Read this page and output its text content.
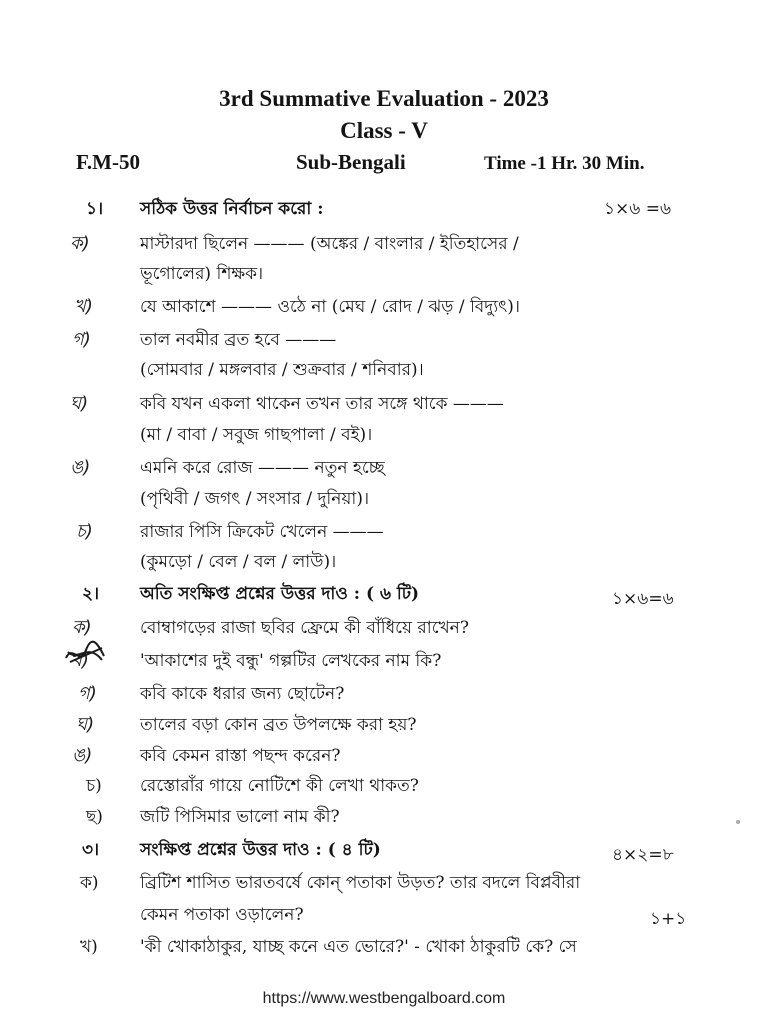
3rd Summative Evaluation - 2023
Class - V
F.M-50	Sub-Bengali	Time -1 Hr. 30 Min.
১। সঠিক উত্তর নির্বাচন করো :	১×৬ =৬
ক)	মাস্টারদা ছিলেন ——— (অঙ্কের / বাংলার / ইতিহাসের /
ভূগোলের) শিক্ষক।
খ)	যে আকাশে ——— ওঠে না (মেঘ / রোদ / ঝড় / বিদ্যুৎ)।
গ)	তাল নবমীর ব্রত হবে ———
(সোমবার / মঙ্গলবার / শুক্রবার / শনিবার)।
ঘ)	কবি যখন একলা থাকেন তখন তার সঙ্গে থাকে ———
(মা / বাবা / সবুজ গাছপালা / বই)।
ঙ)	এমনি করে রোজ ——— নতুন হচ্ছে
(পৃথিবী / জগৎ / সংসার / দুনিয়া)।
চ)	রাজার পিসি ক্রিকেট খেলেন ———
(কুমড়ো / বেল / বল / লাউ)।
২। অতি সংক্ষিপ্ত প্রশ্নের উত্তর দাও : ( ৬ টি)	১×৬=৬
ক)	বোম্বাগড়ের রাজা ছবির ফ্রেমে কী বাঁধিয়ে রাখেন?
খ)	'আকাশের দুই বন্ধু' গল্পটির লেখকের নাম কি?
গ)	কবি কাকে ধরার জন্য ছোটেন?
ঘ)	তালের বড়া কোন ব্রত উপলক্ষে করা হয়?
ঙ)	কবি কেমন রাস্তা পছন্দ করেন?
চ) রেস্তোরাঁর গায়ে নোটিশে কী লেখা থাকত?
ছ) জটি পিসিমার ভালো নাম কী?
৩। সংক্ষিপ্ত প্রশ্নের উত্তর দাও : ( ৪ টি)	৪×২=৮
ক) ব্রিটিশ শাসিত ভারতবর্ষে কোন্ পতাকা উড়ত? তার বদলে বিপ্লবীরা
কেমন পতাকা ওড়ালেন?	১+১
খ) 'কী খোকাঠাকুর, যাচ্ছ কনে এত ভোরে?' - খোকা ঠাকুরটি কে? সে
https://www.westbengalboard.com
